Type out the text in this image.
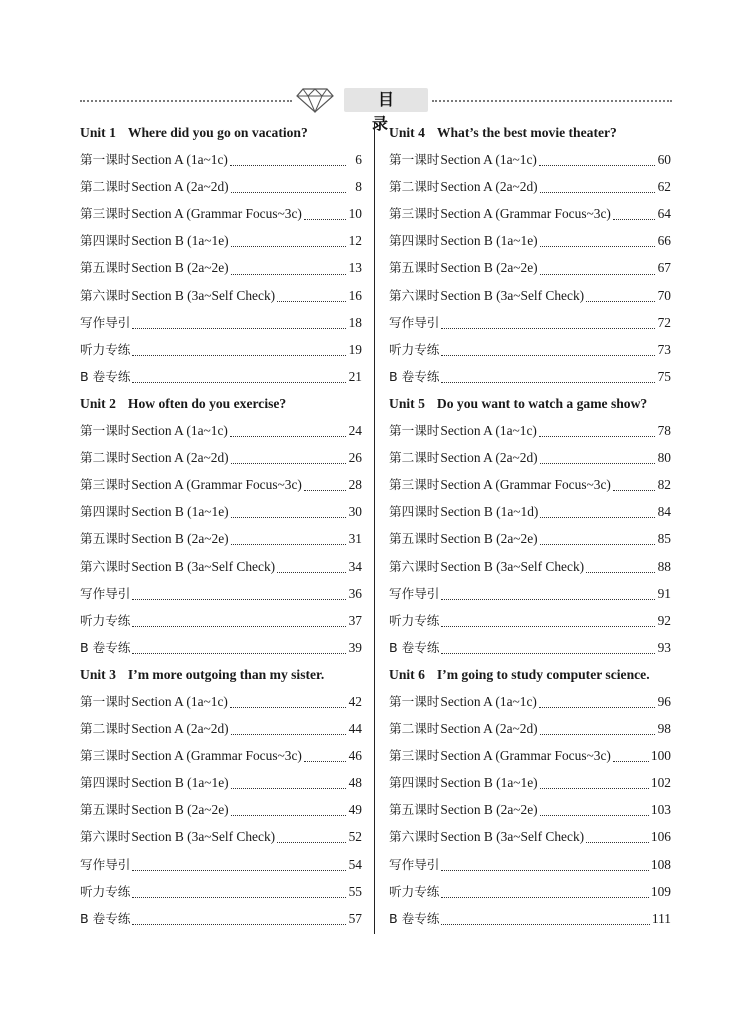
目 录
Unit 1 Where did you go on vacation?
第一课时 Section A (1a~1c)	6
第二课时 Section A (2a~2d)	8
第三课时 Section A (Grammar Focus~3c)	10
第四课时 Section B (1a~1e)	12
第五课时 Section B (2a~2e)	13
第六课时 Section B (3a~Self Check)	16
写作导引	18
听力专练	19
B 卷专练	21
Unit 2 How often do you exercise?
第一课时 Section A (1a~1c)	24
第二课时 Section A (2a~2d)	26
第三课时 Section A (Grammar Focus~3c)	28
第四课时 Section B (1a~1e)	30
第五课时 Section B (2a~2e)	31
第六课时 Section B (3a~Self Check)	34
写作导引	36
听力专练	37
B 卷专练	39
Unit 3 I’m more outgoing than my sister.
第一课时 Section A (1a~1c)	42
第二课时 Section A (2a~2d)	44
第三课时 Section A (Grammar Focus~3c)	46
第四课时 Section B (1a~1e)	48
第五课时 Section B (2a~2e)	49
第六课时 Section B (3a~Self Check)	52
写作导引	54
听力专练	55
B 卷专练	57
Unit 4 What’s the best movie theater?
第一课时 Section A (1a~1c)	60
第二课时 Section A (2a~2d)	62
第三课时 Section A (Grammar Focus~3c)	64
第四课时 Section B (1a~1e)	66
第五课时 Section B (2a~2e)	67
第六课时 Section B (3a~Self Check)	70
写作导引	72
听力专练	73
B 卷专练	75
Unit 5 Do you want to watch a game show?
第一课时 Section A (1a~1c)	78
第二课时 Section A (2a~2d)	80
第三课时 Section A (Grammar Focus~3c)	82
第四课时 Section B (1a~1d)	84
第五课时 Section B (2a~2e)	85
第六课时 Section B (3a~Self Check)	88
写作导引	91
听力专练	92
B 卷专练	93
Unit 6 I’m going to study computer science.
第一课时 Section A (1a~1c)	96
第二课时 Section A (2a~2d)	98
第三课时 Section A (Grammar Focus~3c)	100
第四课时 Section B (1a~1e)	102
第五课时 Section B (2a~2e)	103
第六课时 Section B (3a~Self Check)	106
写作导引	108
听力专练	109
B 卷专练	111
